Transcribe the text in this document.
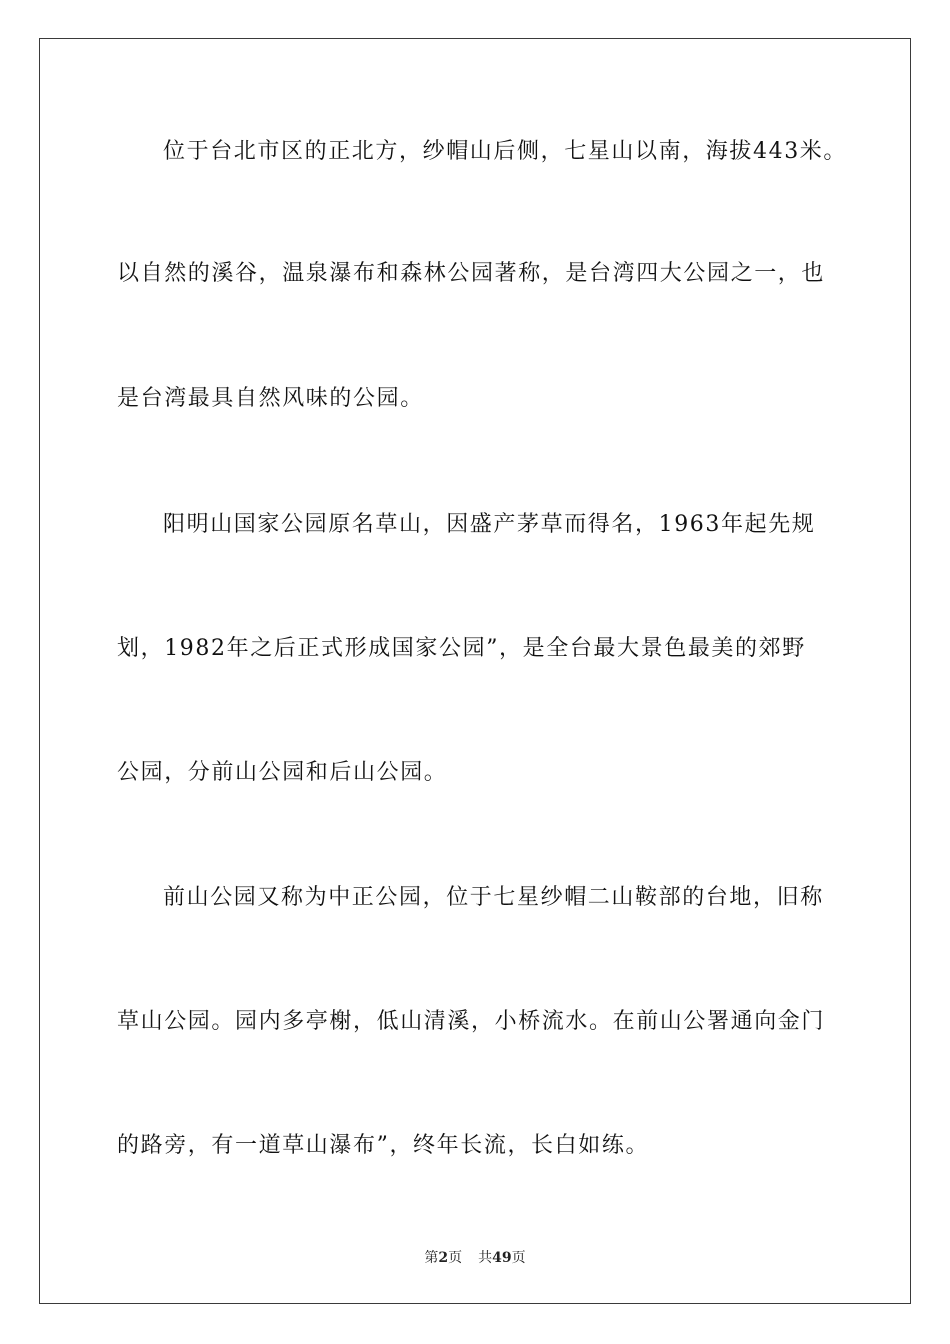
位于台北市区的正北方，纱帽山后侧，七星山以南，海拔443米。
以自然的溪谷，温泉瀑布和森林公园著称，是台湾四大公园之一，也
是台湾最具自然风味的公园。
阳明山国家公园原名草山，因盛产茅草而得名，1963年起先规
划，1982年之后正式形成国家公园”，是全台最大景色最美的郊野
公园，分前山公园和后山公园。
前山公园又称为中正公园，位于七星纱帽二山鞍部的台地，旧称
草山公园。园内多亭榭，低山清溪，小桥流水。在前山公署通向金门
的路旁，有一道草山瀑布”，终年长流，长白如练。
第2页 共49页
